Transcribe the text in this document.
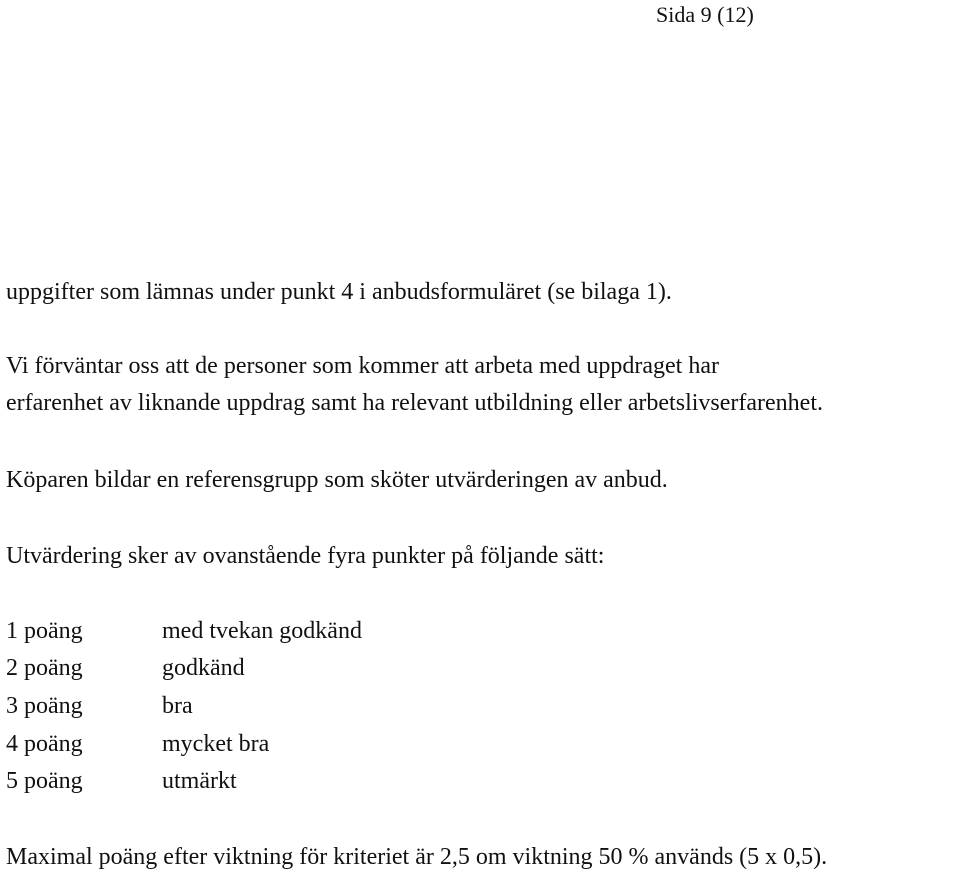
Sida 9 (12)
uppgifter som lämnas under punkt 4 i anbudsformuläret (se bilaga 1).
Vi förväntar oss att de personer som kommer att arbeta med uppdraget har
erfarenhet av liknande uppdrag samt ha relevant utbildning eller arbetslivserfarenhet.
Köparen bildar en referensgrupp som sköter utvärderingen av anbud.
Utvärdering sker av ovanstående fyra punkter på följande sätt:
1 poäng	med tvekan godkänd
2 poäng	godkänd
3 poäng	bra
4 poäng	mycket bra
5 poäng	utmärkt
Maximal poäng efter viktning för kriteriet är 2,5 om viktning 50 % används (5 x 0,5).
